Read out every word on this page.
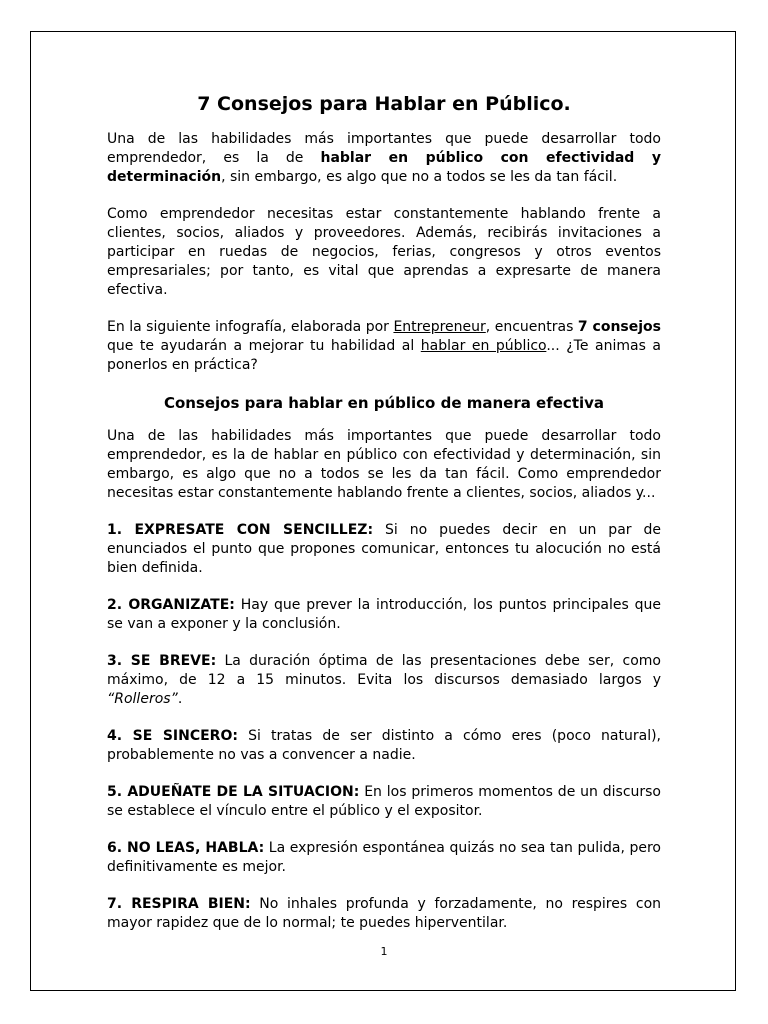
7 Consejos para Hablar en Público.

Una de las habilidades más importantes que puede desarrollar todo emprendedor, es la de hablar en público con efectividad y determinación, sin embargo, es algo que no a todos se les da tan fácil.

Como emprendedor necesitas estar constantemente hablando frente a clientes, socios, aliados y proveedores. Además, recibirás invitaciones a participar en ruedas de negocios, ferias, congresos y otros eventos empresariales; por tanto, es vital que aprendas a expresarte de manera efectiva.

En la siguiente infografía, elaborada por Entrepreneur, encuentras 7 consejos que te ayudarán a mejorar tu habilidad al hablar en público... ¿Te animas a ponerlos en práctica?

Consejos para hablar en público de manera efectiva

Una de las habilidades más importantes que puede desarrollar todo emprendedor, es la de hablar en público con efectividad y determinación, sin embargo, es algo que no a todos se les da tan fácil. Como emprendedor necesitas estar constantemente hablando frente a clientes, socios, aliados y...

1. EXPRESATE CON SENCILLEZ: Si no puedes decir en un par de enunciados el punto que propones comunicar, entonces tu alocución no está bien definida.

2. ORGANIZATE: Hay que prever la introducción, los puntos principales que se van a exponer y la conclusión.

3. SE BREVE: La duración óptima de las presentaciones debe ser, como máximo, de 12 a 15 minutos. Evita los discursos demasiado largos y “Rolleros”.

4. SE SINCERO: Si tratas de ser distinto a cómo eres (poco natural), probablemente no vas a convencer a nadie.

5. ADUEÑATE DE LA SITUACION: En los primeros momentos de un discurso se establece el vínculo entre el público y el expositor.

6. NO LEAS, HABLA: La expresión espontánea quizás no sea tan pulida, pero definitivamente es mejor.

7. RESPIRA BIEN: No inhales profunda y forzadamente, no respires con mayor rapidez que de lo normal; te puedes hiperventilar.

1
